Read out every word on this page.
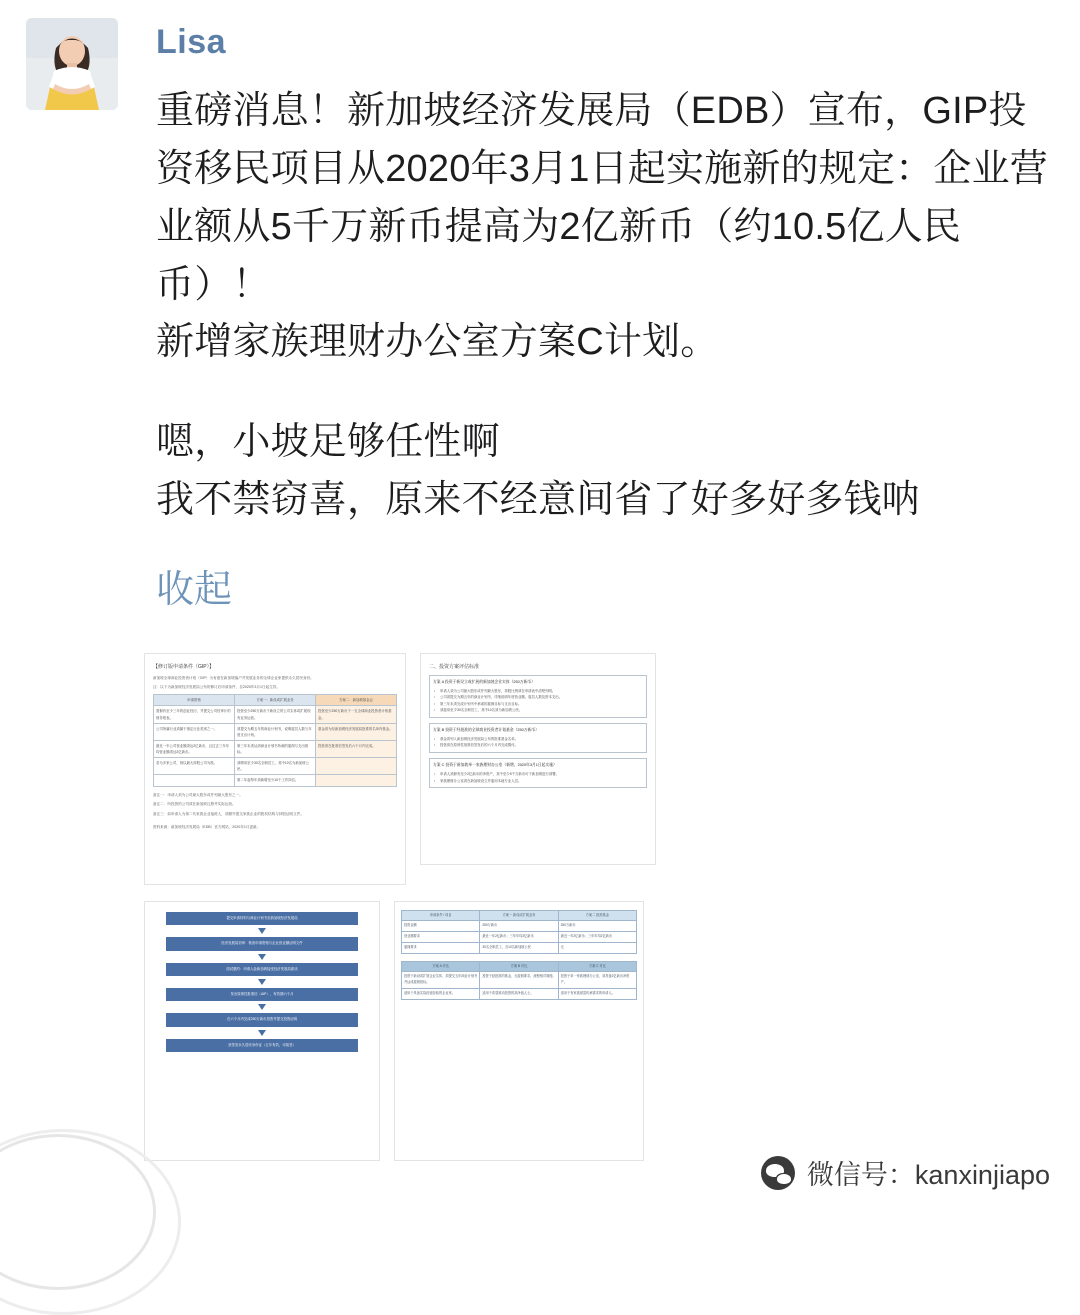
Lisa
重磅消息！新加坡经济发展局（EDB）宣布，GIP投资移民项目从2020年3月1日起实施新的规定：企业营业额从5千万新币提高为2亿新币（约10.5亿人民币）！
新增家族理财办公室方案C计划。
嗯，小坡足够任性啊
我不禁窃喜，原来不经意间省了好多好多钱呐
收起
【修订版申请条件（GIP）】
新加坡全球商业投资者计划（GIP）为有意在新加坡落户并发展业务的全球企业家提供永久居民身份。
注：以下为新加坡经济发展局公布的修订后申请条件，自2020年3月1日起生效。
申请资格	方案一：新设或扩展业务	方案二：新加坡基金会
需拥有至少三年的创业经历，并提交公司经审计的财务报表。	投资至少250万新币于新设立的公司实体或扩展现有业务运营。	投资至少250万新币于一支全球商业投资者计划基金。
公司所属行业须属于指定行业类别之一。	须提交为期五年的商业计划书，说明雇员人数与年度支出计划。	基金须为经新加坡经济发展局批准的名单内基金。
最近一年公司营业额须达2亿新币，且过去三年年均营业额须达2亿新币。	第三年末须达到商业计划书所载的雇佣与支出指标。	投资须在批准信签发后六个月内完成。
若为多家公司，则以最大持股公司为准。	须聘用至少30名全职员工，其中10名为新加坡公民。	
	第二年起每年须新增至少10个工作岗位。	
备注一：申请人须为公司最大股东或并列最大股东之一。
备注二：所投资的公司须在新加坡注册并实际运营。
备注三：如申请人为第二代家族企业接班人，须额外提交家族企业的股权结构与持股证明文件。
资料来源：新加坡经济发展局（EDB）官方网站，2020年1月更新。
二、投资方案评估标准
方案 A 投资于新设立或扩展的新加坡企业实体（250万新币）
• 申请人须为公司最大股东或并列最大股东，持股比例须在申请表中清楚列明。
• 公司须提交为期五年的商业计划书，详细说明年度营业额、雇员人数及资本支出。
• 第三年末须完成计划书中承诺的雇佣目标与支出目标。
• 须雇用至少30名全职员工，其中10名须为新加坡公民。
方案 B 投资于经批准的全球商业投资者计划基金（250万新币）
• 基金须列入新加坡经济发展局公布的批准基金名单。
• 投资须在原则性批准信签发后的六个月内完成缴付。
方案 C 投资于新加坡单一家族理财办公室（新增，2020年3月1日起实施）
• 申请人须拥有至少2亿新币的净资产，其中至少5千万新币可于新加坡进行部署。
• 家族理财办公室须在新加坡设立并雇用本地专业人员。
提交申请材料与商业计划书至新加坡经济发展局
经济发展局初审：核查申请资格与企业营业额证明文件
面试邀约：申请人赴新加坡接受经济发展局面谈
发出原则性批准信（AIP），有效期六个月
在六个月内完成250万新币投资并提交投资证明
获签发永久居民身份证（五年有效，可续签）
申请条件 / 项目	方案一 新设或扩展业务	方案二 批准基金
投资金额	250万新币	250万新币
营业额要求	最近一年2亿新币；三年年均2亿新币	最近一年2亿新币；三年年均2亿新币
雇佣要求	30名全职员工，含10名新加坡公民	无
方案 A 对比	方案 B 对比	方案 C 对比
投资于新设或扩展企业实体，须提交五年商业计划书并达成雇佣指标。	投资于经批准的基金，无雇佣要求，流程相对简便。	投资于单一家族理财办公室，须具备2亿新币净资产。
适用于具备实际经营经验的企业家。	适用于希望被动投资的高净值人士。	适用于有家族财富传承需求的申请人。
微信号：kanxinjiapo
